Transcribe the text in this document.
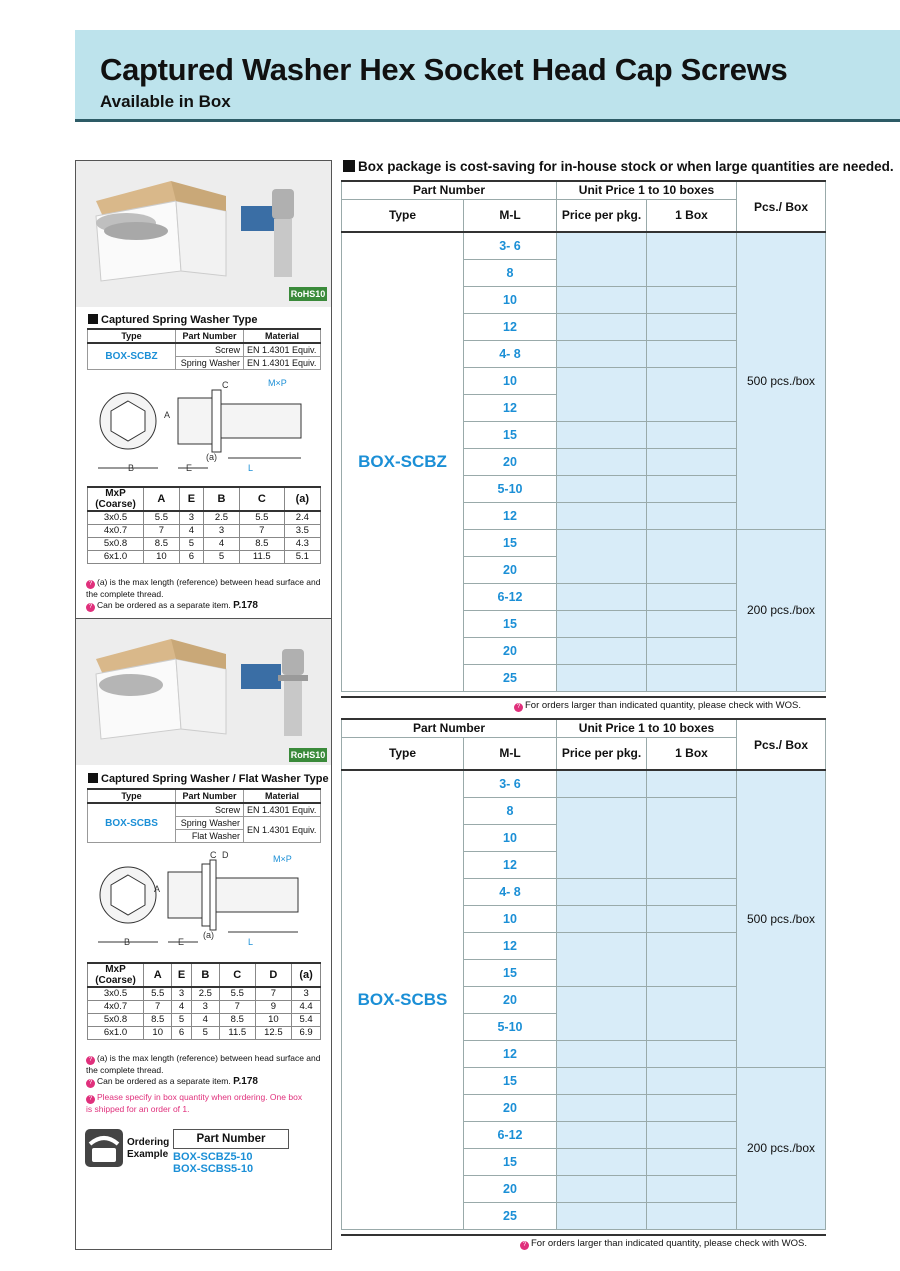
Captured Washer Hex Socket Head Cap Screws
Available in Box
RoHS10
Captured Spring Washer Type
Type	Part Number	Material
BOX-SCBZ	Screw	EN 1.4301 Equiv.
	Spring Washer	EN 1.4301 Equiv.
B	E
(a)
L
M×P
A
C
MxP (Coarse)	A	E	B	C	(a)
3x0.5	5.5	3	2.5	5.5	2.4
4x0.7	7	4	3	7	3.5
5x0.8	8.5	5	4	8.5	4.3
6x1.0	10	6	5	11.5	5.1
? (a) is the max length (reference) between head surface and the complete thread.
? Can be ordered as a separate item. P.178
RoHS10
Captured Spring Washer / Flat Washer Type
Type	Part Number	Material
BOX-SCBS	Screw	EN 1.4301 Equiv.
	Spring Washer	EN 1.4301 Equiv.
	Flat Washer	
B	E
(a)
L
M×P
A
C D
MxP (Coarse)	A	E	B	C	D	(a)
3x0.5	5.5	3	2.5	5.5	7	3
4x0.7	7	4	3	7	9	4.4
5x0.8	8.5	5	4	8.5	10	5.4
6x1.0	10	6	5	11.5	12.5	6.9
? (a) is the max length (reference) between head surface and the complete thread.
? Can be ordered as a separate item. P.178
? Please specify in box quantity when ordering. One box is shipped for an order of 1.
Ordering Example
Part Number
BOX-SCBZ5-10
BOX-SCBS5-10
Box package is cost-saving for in-house stock or when large quantities are needed.
Part Number		Unit Price 1 to 10 boxes		Pcs./ Box
Type	M-L	Price per pkg.	1 Box	
BOX-SCBZ	3- 6			500 pcs./box
	8			
	10			
	12			
	4- 8			
	10			
	12			
	15			
	20			
	5-10			
	12			
	15			200 pcs./box
	20			
	6-12			
	15			
	20			
	25			
? For orders larger than indicated quantity, please check with WOS.
Part Number		Unit Price 1 to 10 boxes		Pcs./ Box
Type	M-L	Price per pkg.	1 Box	
BOX-SCBS	3- 6			500 pcs./box
	8			
	10			
	12			
	4- 8			
	10			
	12			
	15			
	20			
	5-10			
	12			
	15			200 pcs./box
	20			
	6-12			
	15			
	20			
	25			
? For orders larger than indicated quantity, please check with WOS.
